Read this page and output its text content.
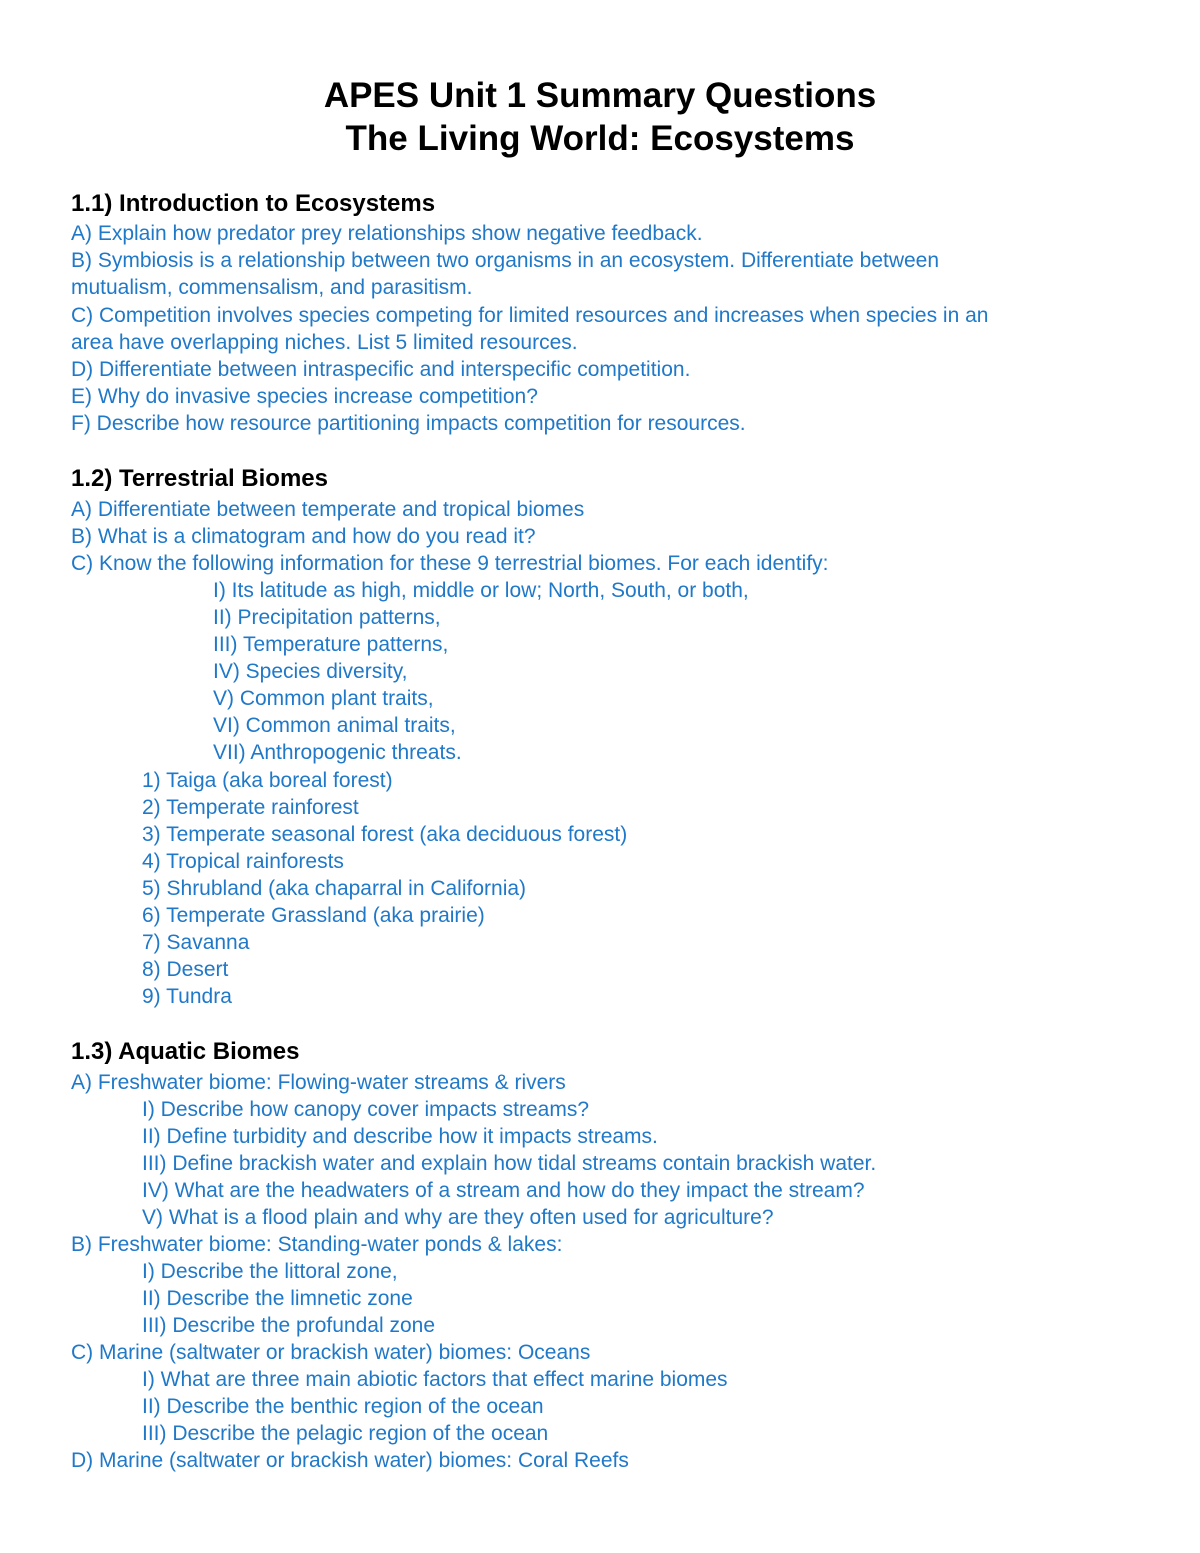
APES Unit 1 Summary Questions
The Living World: Ecosystems
1.1) Introduction to Ecosystems
A) Explain how predator prey relationships show negative feedback.
B) Symbiosis is a relationship between two organisms in an ecosystem. Differentiate between
mutualism, commensalism, and parasitism.
C) Competition involves species competing for limited resources and increases when species in an
area have overlapping niches. List 5 limited resources.
D) Differentiate between intraspecific and interspecific competition.
E) Why do invasive species increase competition?
F) Describe how resource partitioning impacts competition for resources.
1.2) Terrestrial Biomes
A) Differentiate between temperate and tropical biomes
B) What is a climatogram and how do you read it?
C) Know the following information for these 9 terrestrial biomes. For each identify:
I) Its latitude as high, middle or low; North, South, or both,
II) Precipitation patterns,
III) Temperature patterns,
IV) Species diversity,
V) Common plant traits,
VI) Common animal traits,
VII) Anthropogenic threats.
1) Taiga (aka boreal forest)
2) Temperate rainforest
3) Temperate seasonal forest (aka deciduous forest)
4) Tropical rainforests
5) Shrubland (aka chaparral in California)
6) Temperate Grassland (aka prairie)
7) Savanna
8) Desert
9) Tundra
1.3) Aquatic Biomes
A) Freshwater biome: Flowing-water streams & rivers
I) Describe how canopy cover impacts streams?
II) Define turbidity and describe how it impacts streams.
III) Define brackish water and explain how tidal streams contain brackish water.
IV) What are the headwaters of a stream and how do they impact the stream?
V) What is a flood plain and why are they often used for agriculture?
B) Freshwater biome: Standing-water ponds & lakes:
I) Describe the littoral zone,
II) Describe the limnetic zone
III) Describe the profundal zone
C) Marine (saltwater or brackish water) biomes: Oceans
I) What are three main abiotic factors that effect marine biomes
II) Describe the benthic region of the ocean
III) Describe the pelagic region of the ocean
D) Marine (saltwater or brackish water) biomes: Coral Reefs
